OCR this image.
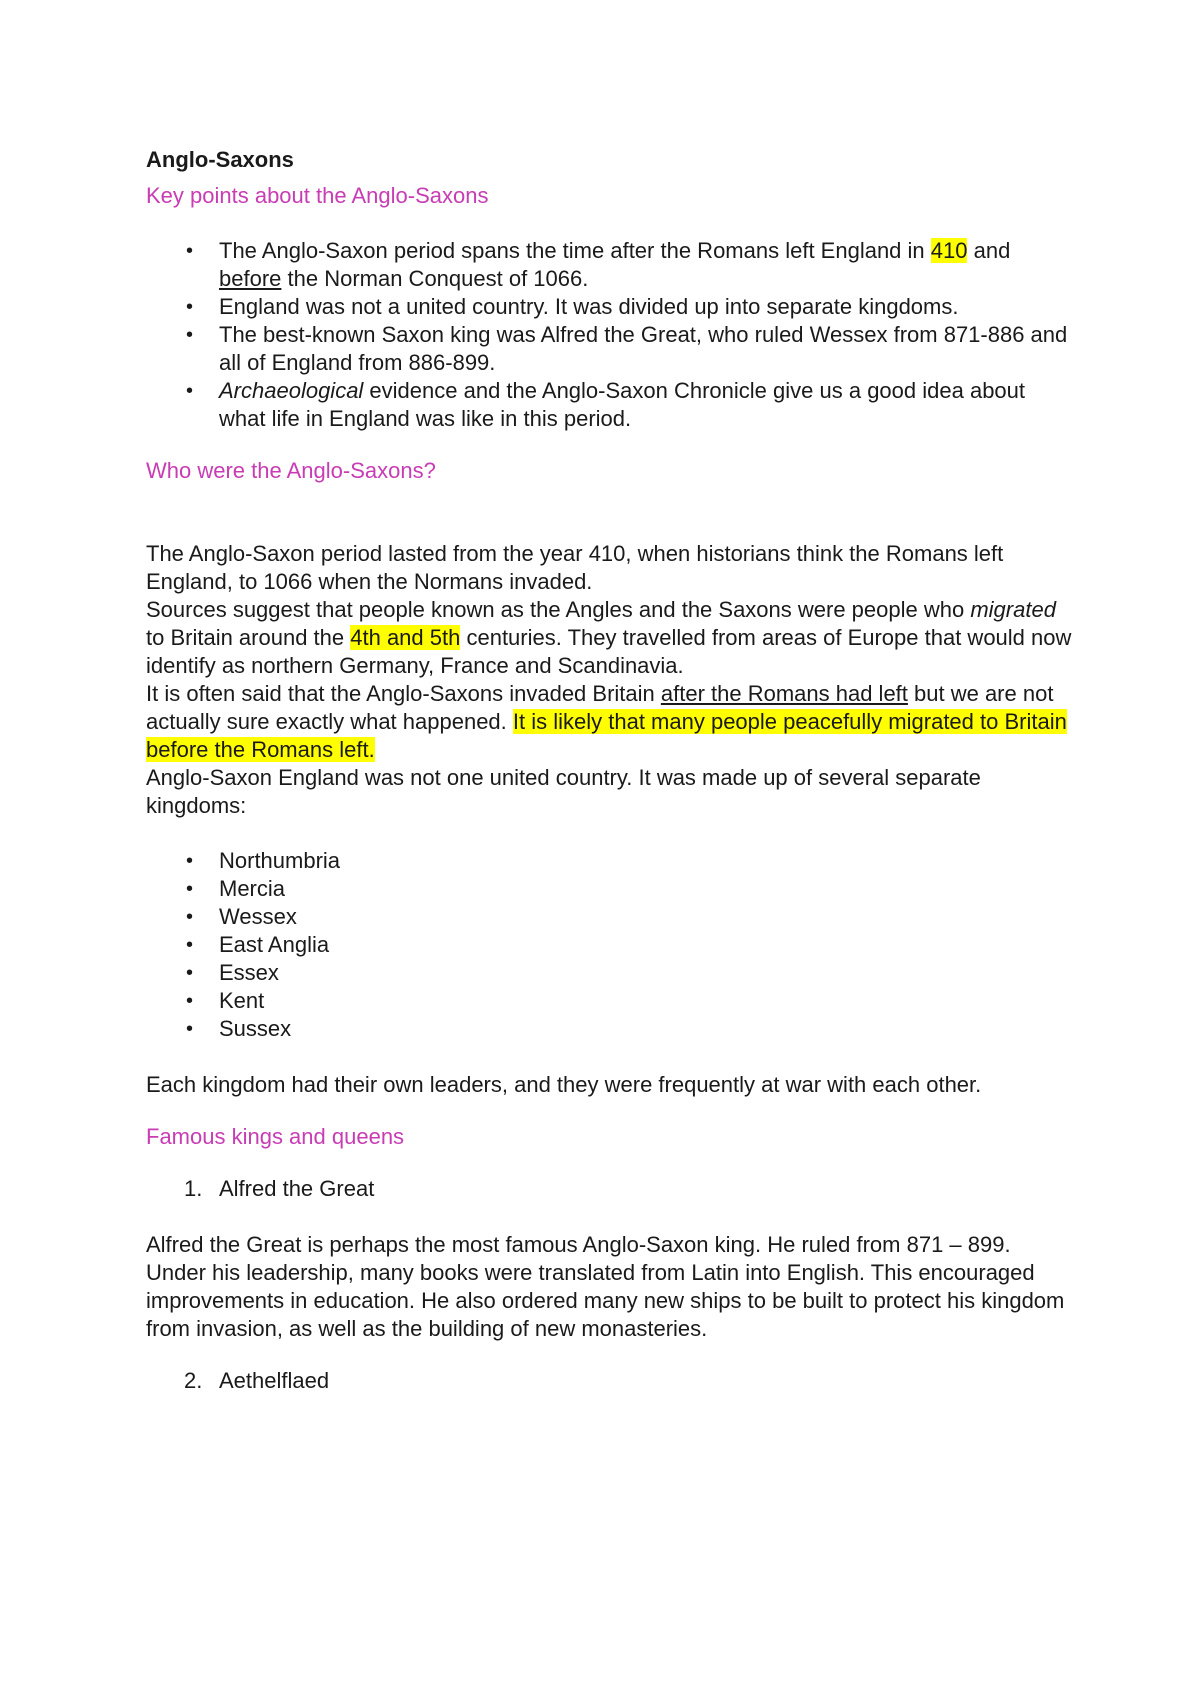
Anglo-Saxons
Key points about the Anglo-Saxons
• The Anglo-Saxon period spans the time after the Romans left England in 410 and before the Norman Conquest of 1066.
• England was not a united country. It was divided up into separate kingdoms.
• The best-known Saxon king was Alfred the Great, who ruled Wessex from 871-886 and all of England from 886-899.
• Archaeological evidence and the Anglo-Saxon Chronicle give us a good idea about what life in England was like in this period.
Who were the Anglo-Saxons?

The Anglo-Saxon period lasted from the year 410, when historians think the Romans left England, to 1066 when the Normans invaded.

Sources suggest that people known as the Angles and the Saxons were people who migrated to Britain around the 4th and 5th centuries. They travelled from areas of Europe that would now identify as northern Germany, France and Scandinavia.

It is often said that the Anglo-Saxons invaded Britain after the Romans had left but we are not actually sure exactly what happened. It is likely that many people peacefully migrated to Britain before the Romans left.

Anglo-Saxon England was not one united country. It was made up of several separate kingdoms:

• Northumbria
• Mercia
• Wessex
• East Anglia
• Essex
• Kent
• Sussex

Each kingdom had their own leaders, and they were frequently at war with each other.

Famous kings and queens
1. Alfred the Great

Alfred the Great is perhaps the most famous Anglo-Saxon king. He ruled from 871 – 899. Under his leadership, many books were translated from Latin into English. This encouraged improvements in education. He also ordered many new ships to be built to protect his kingdom from invasion, as well as the building of new monasteries.

2. Aethelflaed
